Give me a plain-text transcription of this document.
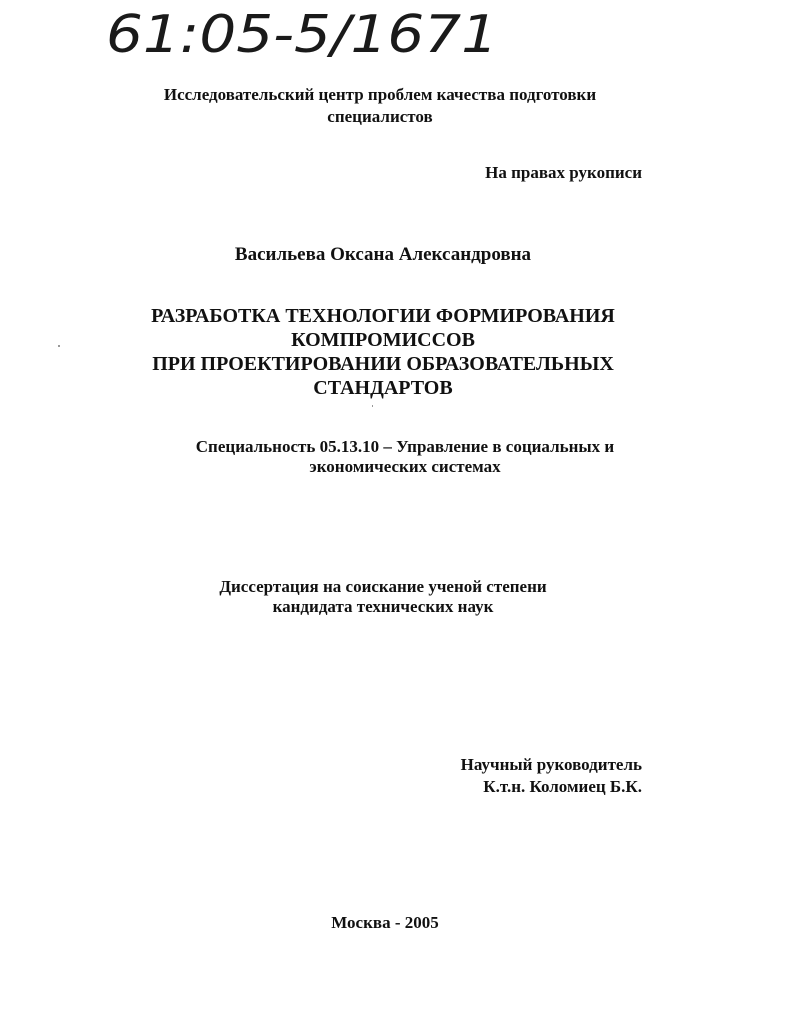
61:05-5/1671
Исследовательский центр проблем качества подготовки специалистов
На правах рукописи
Васильева Оксана Александровна
РАЗРАБОТКА ТЕХНОЛОГИИ ФОРМИРОВАНИЯ
КОМПРОМИССОВ
ПРИ ПРОЕКТИРОВАНИИ ОБРАЗОВАТЕЛЬНЫХ
СТАНДАРТОВ
Специальность 05.13.10 – Управление в социальных и
экономических системах
Диссертация на соискание ученой степени
кандидата технических наук
Научный руководитель
К.т.н. Коломиец Б.К.
Москва - 2005
